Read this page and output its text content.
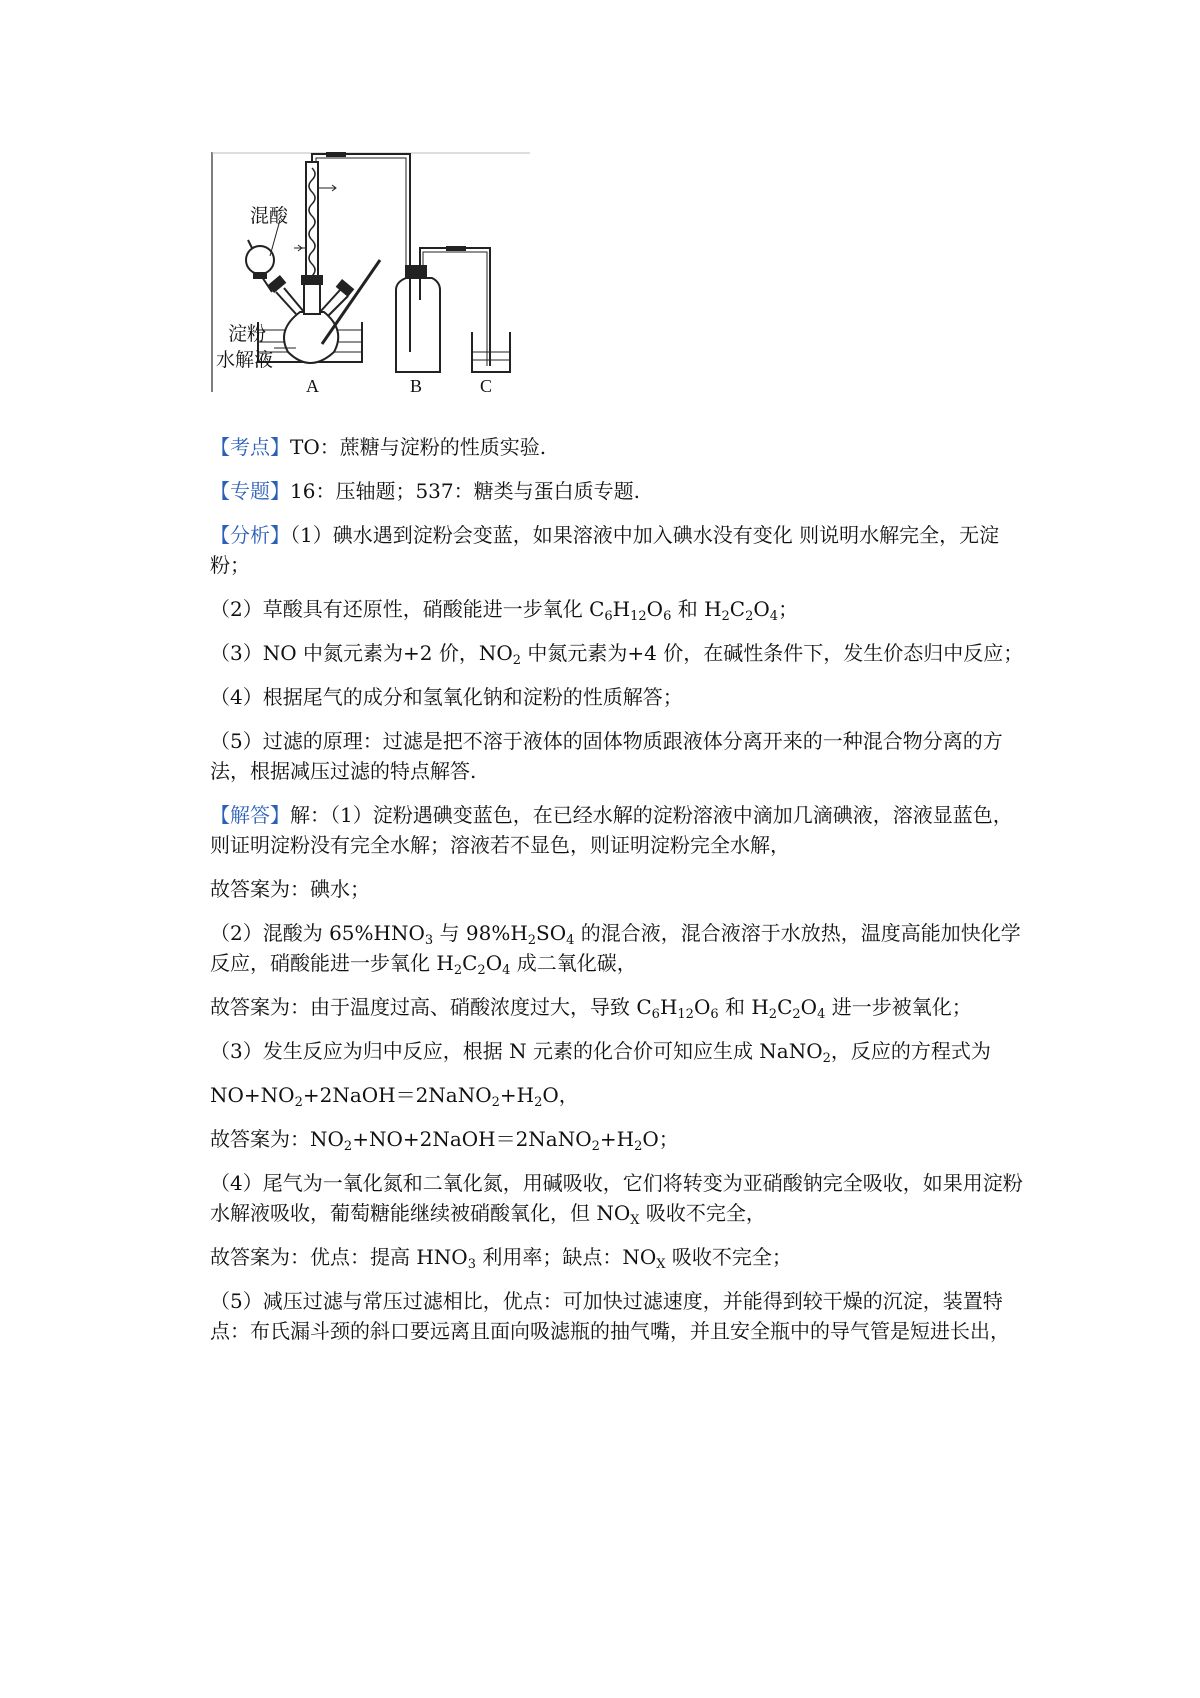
混酸
淀粉
水解液
A	B	C

【考点】TO：蔗糖与淀粉的性质实验.

【专题】16：压轴题；537：糖类与蛋白质专题.

【分析】（1）碘水遇到淀粉会变蓝，如果溶液中加入碘水没有变化 则说明水解完全，无淀粉；

（2）草酸具有还原性，硝酸能进一步氧化 $C_6H_{12}O_6$ 和 $H_2C_2O_4$；

（3）NO 中氮元素为+2 价，$NO_2$ 中氮元素为+4 价，在碱性条件下，发生价态归中反应；

（4）根据尾气的成分和氢氧化钠和淀粉的性质解答；

（5）过滤的原理：过滤是把不溶于液体的固体物质跟液体分离开来的一种混合物分离的方法，根据减压过滤的特点解答.

【解答】解：（1）淀粉遇碘变蓝色，在已经水解的淀粉溶液中滴加几滴碘液，溶液显蓝色，则证明淀粉没有完全水解；溶液若不显色，则证明淀粉完全水解，

故答案为：碘水；

（2）混酸为 $65\%HNO_3$ 与 $98\%H_2SO_4$ 的混合液，混合液溶于水放热，温度高能加快化学反应，硝酸能进一步氧化 $H_2C_2O_4$ 成二氧化碳，

故答案为：由于温度过高、硝酸浓度过大，导致 $C_6H_{12}O_6$ 和 $H_2C_2O_4$ 进一步被氧化；

（3）发生反应为归中反应，根据 N 元素的化合价可知应生成 NaNO$_2$，反应的方程式为

$NO+NO_2+2NaOH=2NaNO_2+H_2O$，

故答案为：$NO_2+NO+2NaOH=2NaNO_2+H_2O$；

（4）尾气为一氧化氮和二氧化氮，用碱吸收，它们将转变为亚硝酸钠完全吸收，如果用淀粉水解液吸收，葡萄糖能继续被硝酸氧化，但 $NO_X$ 吸收不完全，

故答案为：优点：提高 $HNO_3$ 利用率；缺点：$NO_X$ 吸收不完全；

（5）减压过滤与常压过滤相比，优点：可加快过滤速度，并能得到较干燥的沉淀，装置特点：布氏漏斗颈的斜口要远离且面向吸滤瓶的抽气嘴，并且安全瓶中的导气管是短进长出，
